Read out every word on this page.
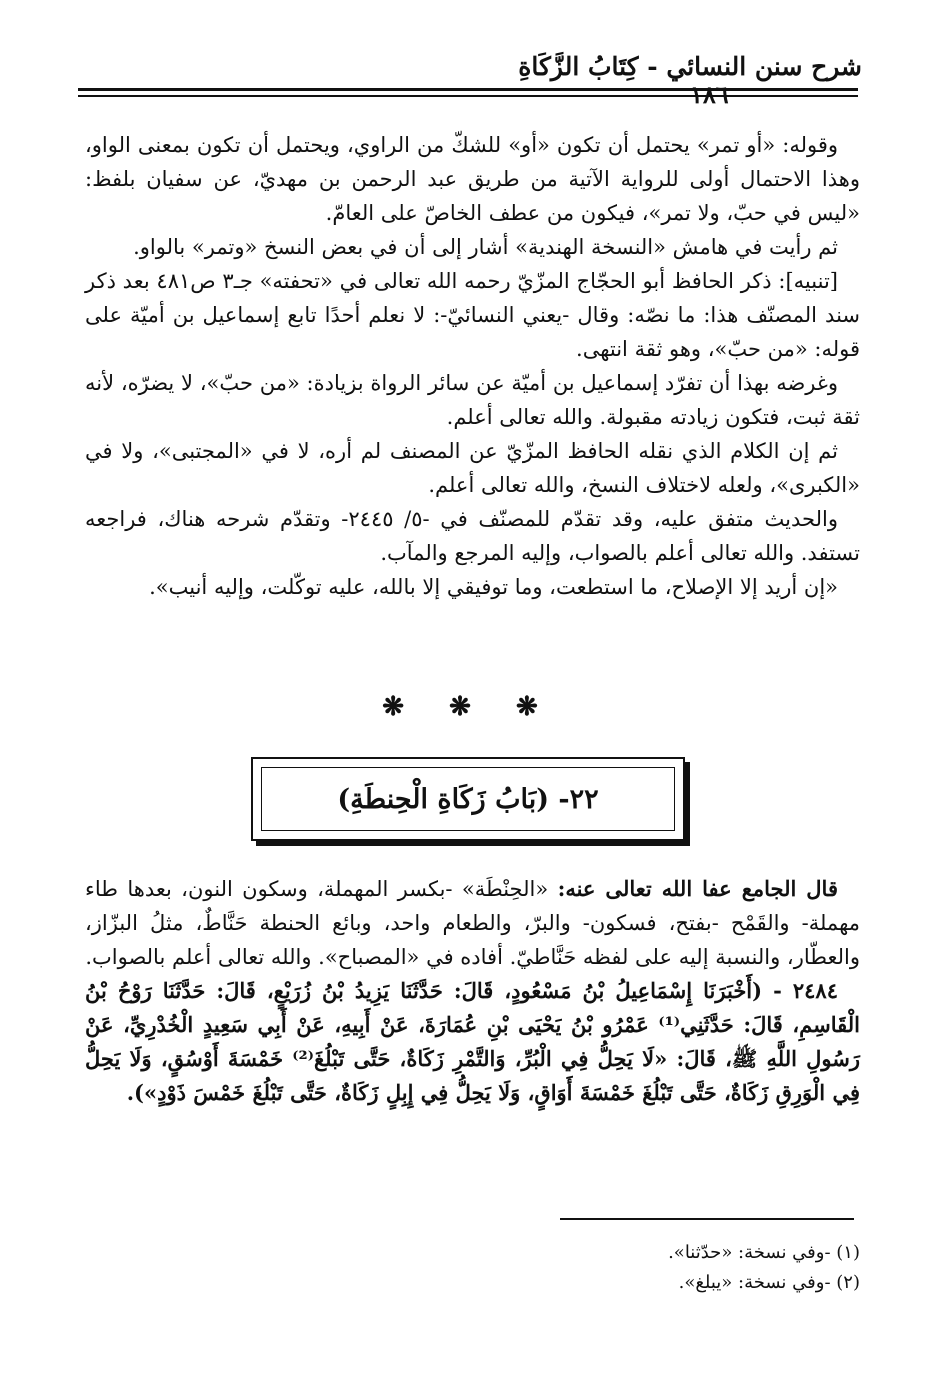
شرح سنن النسائي - كِتَابُ الزَّكَاةِ

وقوله: «أو تمر» يحتمل أن تكون «أو» للشكّ من الراوي، ويحتمل أن تكون بمعنى الواو، وهذا الاحتمال أولى للرواية الآتية من طريق عبد الرحمن بن مهديّ، عن سفيان بلفظ: «ليس في حبّ، ولا تمر»، فيكون من عطف الخاصّ على العامّ.

ثم رأيت في هامش «النسخة الهندية» أشار إلى أن في بعض النسخ «وتمر» بالواو.

[تنبيه]: ذكر الحافظ أبو الحجّاج المزّيّ رحمه الله تعالى في «تحفته» جـ٣ ص٤٨١ بعد ذكر سند المصنّف هذا: ما نصّه: وقال -يعني النسائيّ-: لا نعلم أحدًا تابع إسماعيل بن أميّة على قوله: «من حبّ»، وهو ثقة انتهى.

وغرضه بهذا أن تفرّد إسماعيل بن أميّة عن سائر الرواة بزيادة: «من حبّ»، لا يضرّه، لأنه ثقة ثبت، فتكون زيادته مقبولة. والله تعالى أعلم.

ثم إن الكلام الذي نقله الحافظ المزّيّ عن المصنف لم أره، لا في «المجتبى»، ولا في «الكبرى»، ولعله لاختلاف النسخ، والله تعالى أعلم.

والحديث متفق عليه، وقد تقدّم للمصنّف في -٥/ ٢٤٤٥- وتقدّم شرحه هناك، فراجعه تستفد. والله تعالى أعلم بالصواب، وإليه المرجع والمآب.

«إن أريد إلا الإصلاح، ما استطعت، وما توفيقي إلا بالله، عليه توكّلت، وإليه أنيب».

❋ ❋ ❋
٢٢- (بَابُ زَكَاةِ الْحِنطَةِ)

قال الجامع عفا الله تعالى عنه: «الحِنْطَة» -بكسر المهملة، وسكون النون، بعدها طاء مهملة- والقَمْح -بفتح، فسكون- والبرّ، والطعام واحد، وبائع الحنطة حَنَّاطٌ، مثلُ البزّاز، والعطّار، والنسبة إليه على لفظه حَنَّاطيّ. أفاده في «المصباح». والله تعالى أعلم بالصواب.

٢٤٨٤ - (أَخْبَرَنَا إِسْمَاعِيلُ بْنُ مَسْعُودٍ، قَالَ: حَدَّثَنَا يَزِيدُ بْنُ زُرَيْعٍ، قَالَ: حَدَّثَنَا رَوْحُ بْنُ الْقَاسِمِ، قَالَ: حَدَّثَنِي⁽¹⁾ عَمْرُو بْنُ يَحْيَى بْنِ عُمَارَةَ، عَنْ أَبِيهِ، عَنْ أَبِي سَعِيدٍ الْخُدْرِيِّ، عَنْ رَسُولِ اللَّهِ ﷺ، قَالَ: «لَا يَحِلُّ فِي الْبُرِّ، وَالتَّمْرِ زَكَاةٌ، حَتَّى تَبْلُغَ⁽²⁾ خَمْسَةَ أَوْسُقٍ، وَلَا يَحِلُّ فِي الْوَرِقِ زَكَاةٌ، حَتَّى تَبْلُغَ خَمْسَةَ أَوَاقٍ، وَلَا يَحِلُّ فِي إِبِلٍ زَكَاةٌ، حَتَّى تَبْلُغَ خَمْسَ ذَوْدٍ»).

(١) -وفي نسخة: «حدّثنا».

(٢) -وفي نسخة: «يبلغ».
